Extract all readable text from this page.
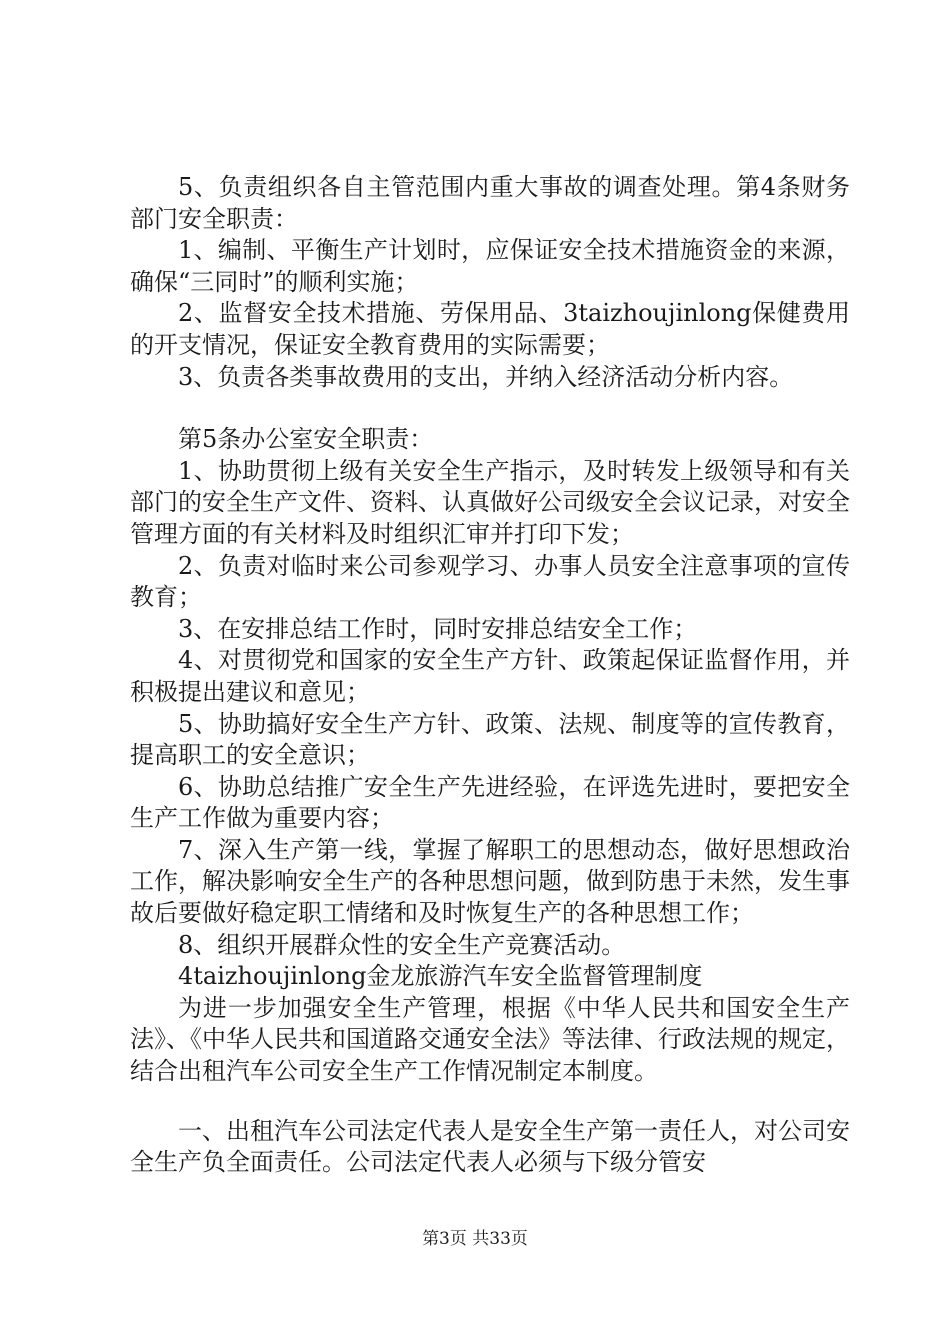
5、负责组织各自主管范围内重大事故的调查处理。第4条财务部门安全职责：

1、编制、平衡生产计划时，应保证安全技术措施资金的来源，确保“三同时”的顺利实施；

2、监督安全技术措施、劳保用品、3taizhoujinlong保健费用的开支情况，保证安全教育费用的实际需要；

3、负责各类事故费用的支出，并纳入经济活动分析内容。

第5条办公室安全职责：

1、协助贯彻上级有关安全生产指示，及时转发上级领导和有关部门的安全生产文件、资料、认真做好公司级安全会议记录，对安全管理方面的有关材料及时组织汇审并打印下发；

2、负责对临时来公司参观学习、办事人员安全注意事项的宣传教育；

3、在安排总结工作时，同时安排总结安全工作；

4、对贯彻党和国家的安全生产方针、政策起保证监督作用，并积极提出建议和意见；

5、协助搞好安全生产方针、政策、法规、制度等的宣传教育，提高职工的安全意识；

6、协助总结推广安全生产先进经验，在评选先进时，要把安全生产工作做为重要内容；

7、深入生产第一线，掌握了解职工的思想动态，做好思想政治工作，解决影响安全生产的各种思想问题，做到防患于未然，发生事故后要做好稳定职工情绪和及时恢复生产的各种思想工作；

8、组织开展群众性的安全生产竞赛活动。

4taizhoujinlong金龙旅游汽车安全监督管理制度

为进一步加强安全生产管理，根据《中华人民共和国安全生产法》、《中华人民共和国道路交通安全法》等法律、行政法规的规定，结合出租汽车公司安全生产工作情况制定本制度。

一、出租汽车公司法定代表人是安全生产第一责任人，对公司安全生产负全面责任。公司法定代表人必须与下级分管安

第3页 共33页
